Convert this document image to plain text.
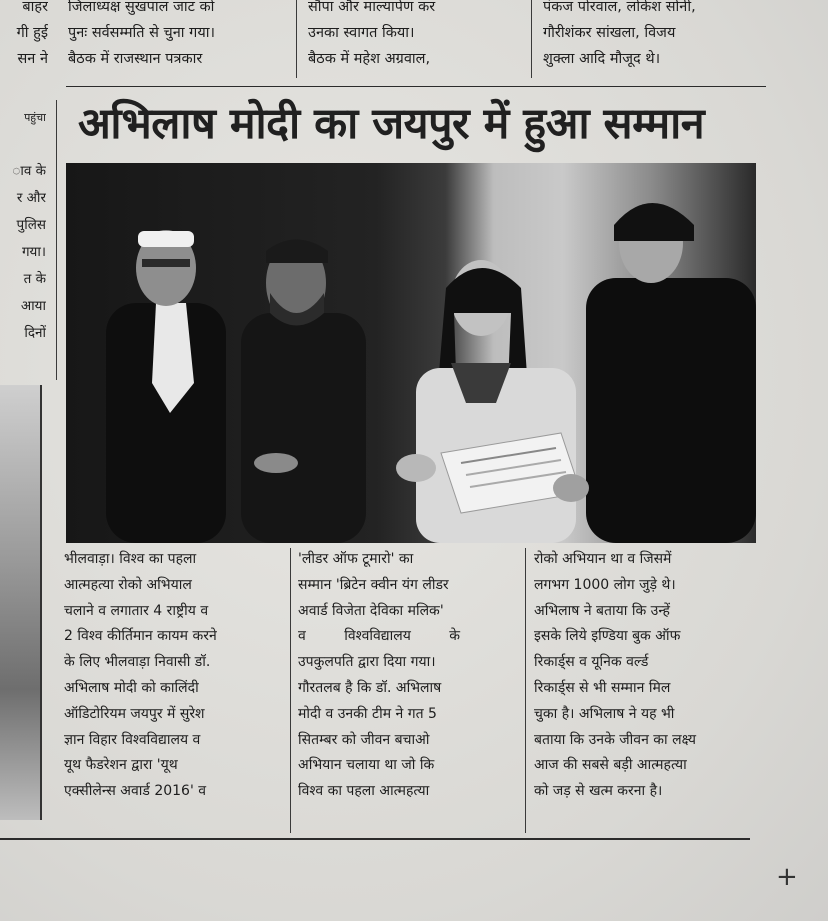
बाहर
गी हुई
सन ने
जिलाध्यक्ष सुखपाल जाट को
पुनः सर्वसम्मति से चुना गया।
बैठक में राजस्थान पत्रकार
सौंपा और माल्यार्पण कर
उनका स्वागत किया।
बैठक में महेश अग्रवाल,
पंकज पोरवाल, लोकेश सोनी,
गौरीशंकर सांखला, विजय
शुक्ला आदि मौजूद थे।
पहुंचा
ाव के
र और
पुलिस
गया।
त के
आया
दिनों
अभिलाष मोदी का जयपुर में हुआ सम्मान
भीलवाड़ा। विश्व का पहला
आत्महत्या रोको अभियाल
चलाने व लगातार 4 राष्ट्रीय व
2 विश्व कीर्तिमान कायम करने
के लिए भीलवाड़ा निवासी डॉ.
अभिलाष मोदी को कालिंदी
ऑडिटोरियम जयपुर में सुरेश
ज्ञान विहार विश्वविद्यालय व
यूथ फैडरेशन द्वारा 'यूथ
एक्सीलेन्स अवार्ड 2016' व
'लीडर ऑफ टूमारो' का
सम्मान 'ब्रिटेन क्वीन यंग लीडर
अवार्ड विजेता देविका मलिक'
व विश्वविद्यालय के
उपकुलपति द्वारा दिया गया।
गौरतलब है कि डॉ. अभिलाष
मोदी व उनकी टीम ने गत 5
सितम्बर को जीवन बचाओ
अभियान चलाया था जो कि
विश्व का पहला आत्महत्या
रोको अभियान था व जिसमें
लगभग 1000 लोग जुड़े थे।
अभिलाष ने बताया कि उन्हें
इसके लिये इण्डिया बुक ऑफ
रिकार्ड्स व यूनिक वर्ल्ड
रिकार्ड्स से भी सम्मान मिल
चुका है। अभिलाष ने यह भी
बताया कि उनके जीवन का लक्ष्य
आज की सबसे बड़ी आत्महत्या
को जड़ से खत्म करना है।
+
